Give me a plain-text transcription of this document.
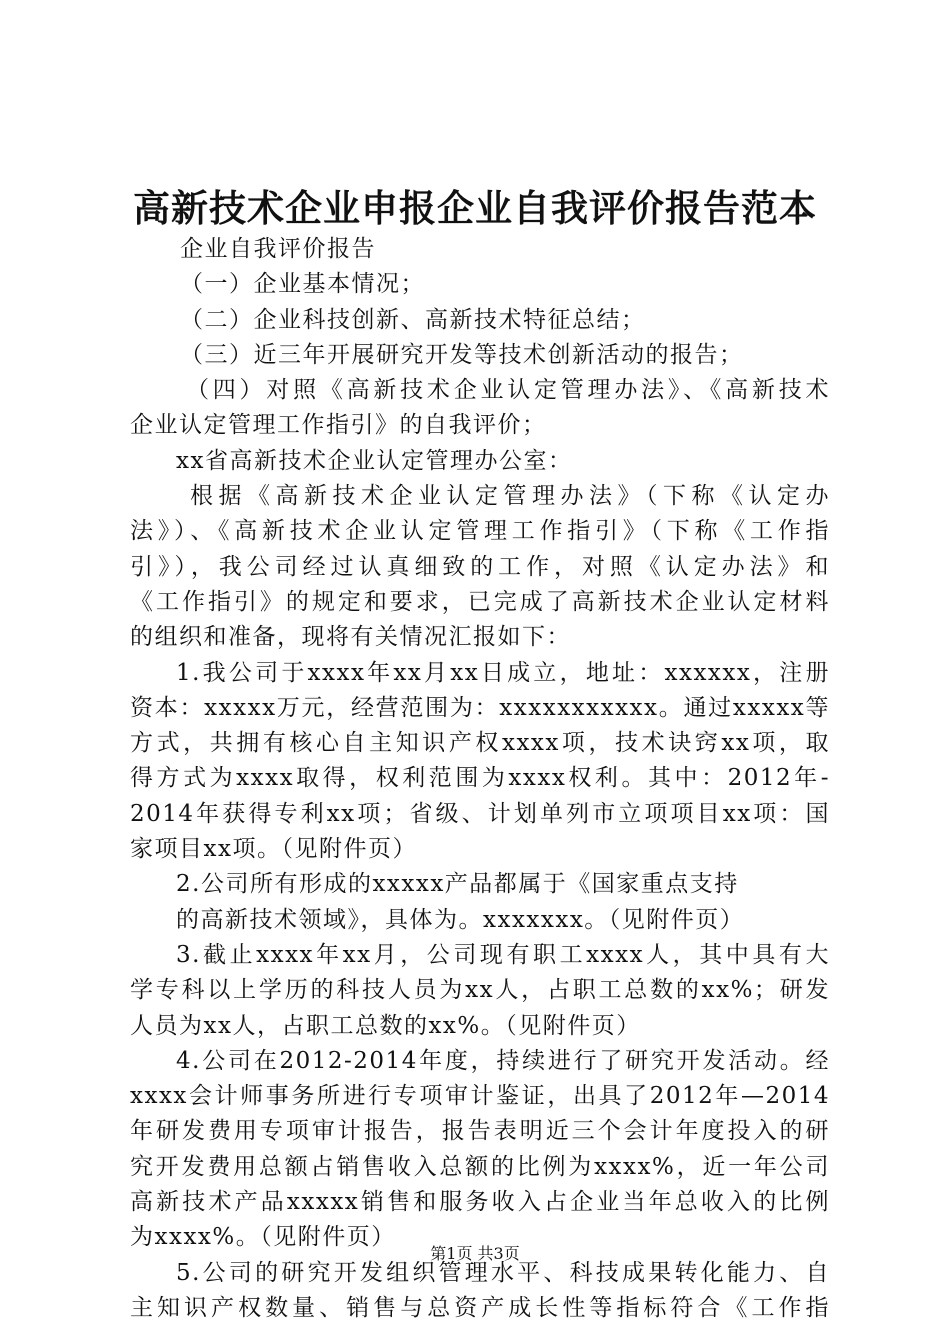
高新技术企业申报企业自我评价报告范本
企业自我评价报告
（一）企业基本情况；
（二）企业科技创新、高新技术特征总结；
（三）近三年开展研究开发等技术创新活动的报告；
（四）对照《高新技术企业认定管理办法》、《高新技术
企业认定管理工作指引》的自我评价；
xx省高新技术企业认定管理办公室：
根据《高新技术企业认定管理办法》（下称《认定办
法》）、《高新技术企业认定管理工作指引》（下称《工作指
引》），我公司经过认真细致的工作，对照《认定办法》和
《工作指引》的规定和要求，已完成了高新技术企业认定材料
的组织和准备，现将有关情况汇报如下：
1.我公司于xxxx年xx月xx日成立，地址：xxxxxx，注册
资本：xxxxx万元，经营范围为：xxxxxxxxxxx。通过xxxxx等
方式，共拥有核心自主知识产权xxxx项，技术诀窍xx项，取
得方式为xxxx取得，权利范围为xxxx权利。其中：2012年-
2014年获得专利xx项；省级、计划单列市立项项目xx项：国
家项目xx项。（见附件页）
2.公司所有形成的xxxxx产品都属于《国家重点支持
的高新技术领域》，具体为。xxxxxxx。（见附件页）
3.截止xxxx年xx月，公司现有职工xxxx人，其中具有大
学专科以上学历的科技人员为xx人，占职工总数的xx%；研发
人员为xx人，占职工总数的xx%。（见附件页）
4.公司在2012-2014年度，持续进行了研究开发活动。经
xxxx会计师事务所进行专项审计鉴证，出具了2012年—2014
年研发费用专项审计报告，报告表明近三个会计年度投入的研
究开发费用总额占销售收入总额的比例为xxxx%，近一年公司
高新技术产品xxxxx销售和服务收入占企业当年总收入的比例
为xxxx%。（见附件页）
5.公司的研究开发组织管理水平、科技成果转化能力、自
主知识产权数量、销售与总资产成长性等指标符合《工作指
第1页 共3页
